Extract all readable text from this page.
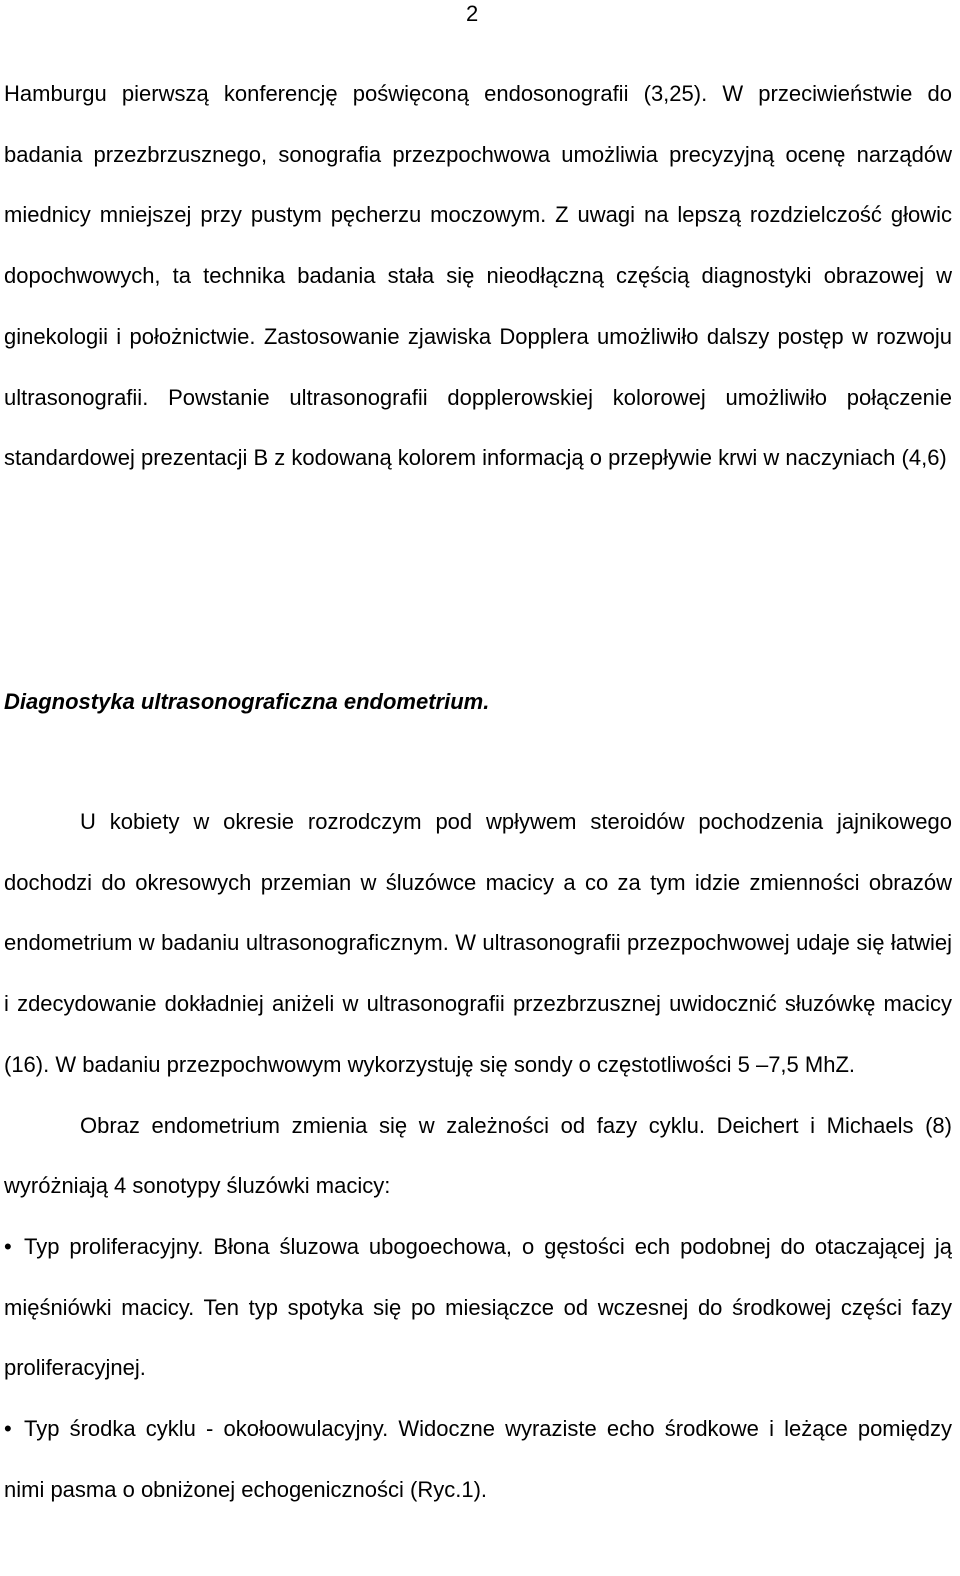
2
Hamburgu pierwszą konferencję poświęconą endosonografii (3,25). W przeciwieństwie do badania przezbrzusznego, sonografia przezpochwowa umożliwia precyzyjną ocenę narządów miednicy mniejszej przy pustym pęcherzu moczowym. Z uwagi na lepszą rozdzielczość głowic dopochwowych, ta technika badania stała się nieodłączną częścią diagnostyki obrazowej w ginekologii i położnictwie. Zastosowanie zjawiska Dopplera umożliwiło dalszy postęp w rozwoju ultrasonografii. Powstanie ultrasonografii dopplerowskiej kolorowej umożliwiło połączenie standardowej prezentacji B z kodowaną kolorem informacją o przepływie krwi w naczyniach (4,6)
Diagnostyka ultrasonograficzna endometrium.
U kobiety w okresie rozrodczym pod wpływem steroidów pochodzenia jajnikowego dochodzi do okresowych przemian w śluzówce macicy a co za tym idzie zmienności obrazów endometrium w badaniu ultrasonograficznym. W ultrasonografii przezpochwowej udaje się łatwiej i zdecydowanie dokładniej aniżeli w ultrasonografii przezbrzusznej uwidocznić słuzówkę macicy (16). W badaniu przezpochwowym wykorzystuję się sondy o częstotliwości 5 –7,5 MhZ.
Obraz endometrium zmienia się w zależności od fazy cyklu. Deichert i Michaels (8) wyróżniają 4 sonotypy śluzówki macicy:
• Typ proliferacyjny. Błona śluzowa ubogoechowa, o gęstości ech podobnej do otaczającej ją mięśniówki macicy. Ten typ spotyka się po miesiączce od wczesnej do środkowej części fazy proliferacyjnej.
• Typ środka cyklu - okołoowulacyjny. Widoczne wyraziste echo środkowe i leżące pomiędzy nimi pasma o obniżonej echogeniczności (Ryc.1).
